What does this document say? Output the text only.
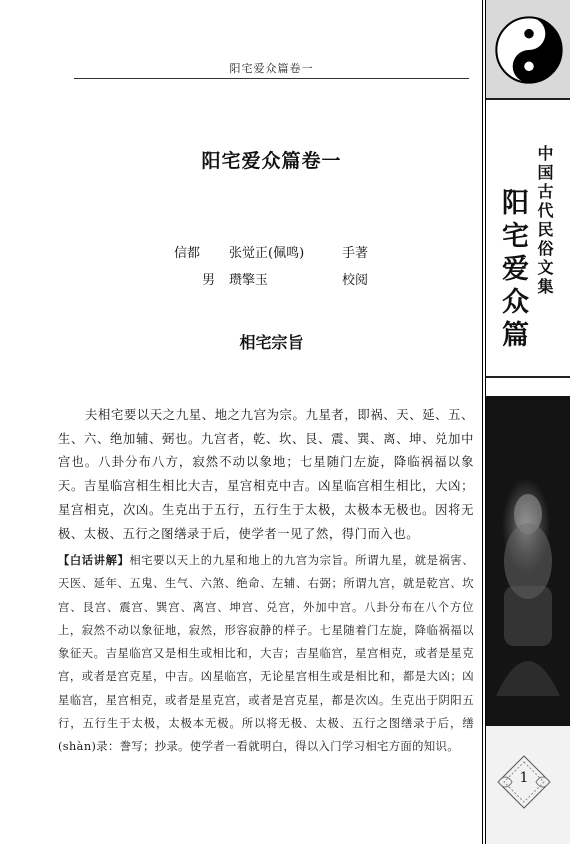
阳宅爱众篇卷一
阳宅爱众篇卷一
信都 张觉正(佩鸣)	手著
男 瓒擎玉	校阅
相宅宗旨

夫相宅要以天之九星、地之九宫为宗。九星者，即祸、天、延、五、生、六、绝加辅、弼也。九宫者，乾、坎、艮、震、巽、离、坤、兑加中宫也。八卦分布八方，寂然不动以象地；七星随门左旋，降临祸福以象天。吉星临宫相生相比大吉，星宫相克中吉。凶星临宫相生相比，大凶；星宫相克，次凶。生克出于五行，五行生于太极，太极本无极也。因将无极、太极、五行之图缮录于后，使学者一见了然，得门而入也。

【白话讲解】相宅要以天上的九星和地上的九宫为宗旨。所谓九星，就是祸害、天医、延年、五鬼、生气、六煞、绝命、左辅、右弼；所谓九宫，就是乾宫、坎宫、艮宫、震宫、巽宫、离宫、坤宫、兑宫，外加中宫。八卦分布在八个方位上，寂然不动以象征地，寂然，形容寂静的样子。七星随着门左旋，降临祸福以象征天。吉星临宫又是相生或相比和，大吉；吉星临宫，星宫相克，或者是星克宫，或者是宫克星，中吉。凶星临宫，无论星宫相生或是相比和，都是大凶；凶星临宫，星宫相克，或者是星克宫，或者是宫克星，都是次凶。生克出于阴阳五行，五行生于太极，太极本无极。所以将无极、太极、五行之图缮录于后，缮(shàn)录：誊写；抄录。使学者一看就明白，得以入门学习相宅方面的知识。

中国古代民俗文集
阳宅爱众篇
1
